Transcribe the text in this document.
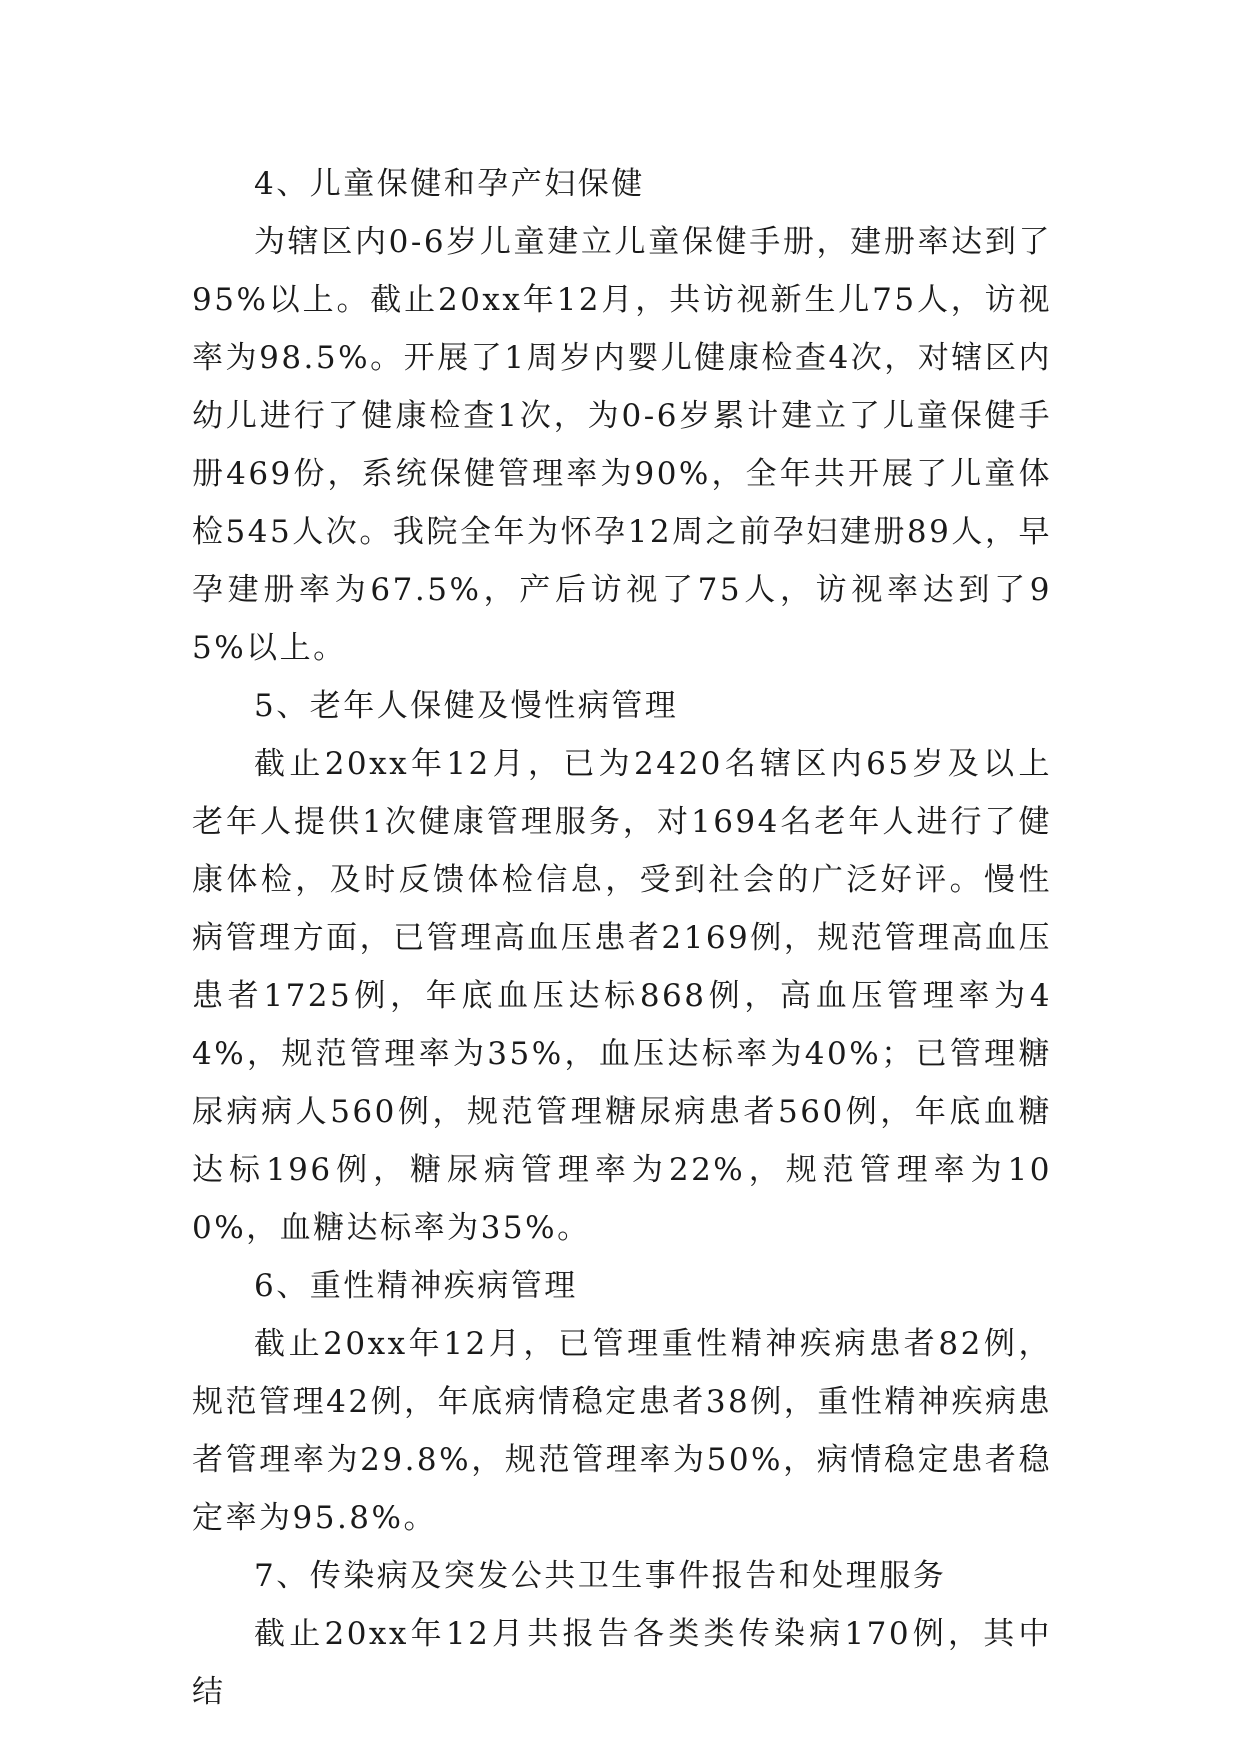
4、儿童保健和孕产妇保健

为辖区内0-6岁儿童建立儿童保健手册，建册率达到了95%以上。截止20xx年12月，共访视新生儿75人，访视率为98.5%。开展了1周岁内婴儿健康检查4次，对辖区内幼儿进行了健康检查1次，为0-6岁累计建立了儿童保健手册469份，系统保健管理率为90%，全年共开展了儿童体检545人次。我院全年为怀孕12周之前孕妇建册89人，早孕建册率为67.5%，产后访视了75人，访视率达到了95%以上。

5、老年人保健及慢性病管理

截止20xx年12月，已为2420名辖区内65岁及以上老年人提供1次健康管理服务，对1694名老年人进行了健康体检，及时反馈体检信息，受到社会的广泛好评。慢性病管理方面，已管理高血压患者2169例，规范管理高血压患者1725例，年底血压达标868例，高血压管理率为44%，规范管理率为35%，血压达标率为40%；已管理糖尿病病人560例，规范管理糖尿病患者560例，年底血糖达标196例，糖尿病管理率为22%，规范管理率为100%，血糖达标率为35%。

6、重性精神疾病管理

截止20xx年12月，已管理重性精神疾病患者82例，规范管理42例，年底病情稳定患者38例，重性精神疾病患者管理率为29.8%，规范管理率为50%，病情稳定患者稳定率为95.8%。

7、传染病及突发公共卫生事件报告和处理服务

截止20xx年12月共报告各类类传染病170例，其中结
